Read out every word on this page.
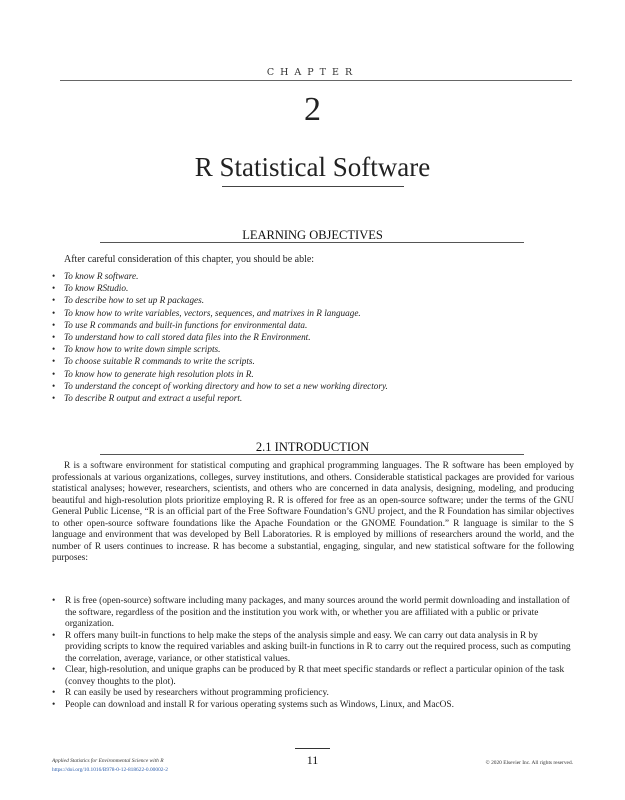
CHAPTER
2
R Statistical Software
LEARNING OBJECTIVES
After careful consideration of this chapter, you should be able:
• To know R software.
• To know RStudio.
• To describe how to set up R packages.
• To know how to write variables, vectors, sequences, and matrixes in R language.
• To use R commands and built-in functions for environmental data.
• To understand how to call stored data files into the R Environment.
• To know how to write down simple scripts.
• To choose suitable R commands to write the scripts.
• To know how to generate high resolution plots in R.
• To understand the concept of working directory and how to set a new working directory.
• To describe R output and extract a useful report.
2.1 INTRODUCTION

R is a software environment for statistical computing and graphical programming languages. The R software has been employed by professionals at various organizations, colleges, survey institutions, and others. Considerable statistical packages are provided for various statistical analyses; however, researchers, scientists, and others who are concerned in data analysis, designing, modeling, and producing beautiful and high-resolution plots prioritize employing R. R is offered for free as an open-source software; under the terms of the GNU General Public License, “R is an official part of the Free Software Foundation’s GNU project, and the R Foundation has similar objectives to other open-source software foundations like the Apache Foundation or the GNOME Foundation.” R language is similar to the S language and environment that was developed by Bell Laboratories. R is employed by millions of researchers around the world, and the number of R users continues to increase. R has become a substantial, engaging, singular, and new statistical software for the following purposes:

• R is free (open-source) software including many packages, and many sources around the world permit downloading and installation of the software, regardless of the position and the institution you work with, or whether you are affiliated with a public or private organization.
• R offers many built-in functions to help make the steps of the analysis simple and easy. We can carry out data analysis in R by providing scripts to know the required variables and asking built-in functions in R to carry out the required process, such as computing the correlation, average, variance, or other statistical values.
• Clear, high-resolution, and unique graphs can be produced by R that meet specific standards or reflect a particular opinion of the task (convey thoughts to the plot).
• R can easily be used by researchers without programming proficiency.
• People can download and install R for various operating systems such as Windows, Linux, and MacOS.
11
Applied Statistics for Environmental Science with R
https://doi.org/10.1016/B978-0-12-818622-0.00002-2
© 2020 Elsevier Inc. All rights reserved.
